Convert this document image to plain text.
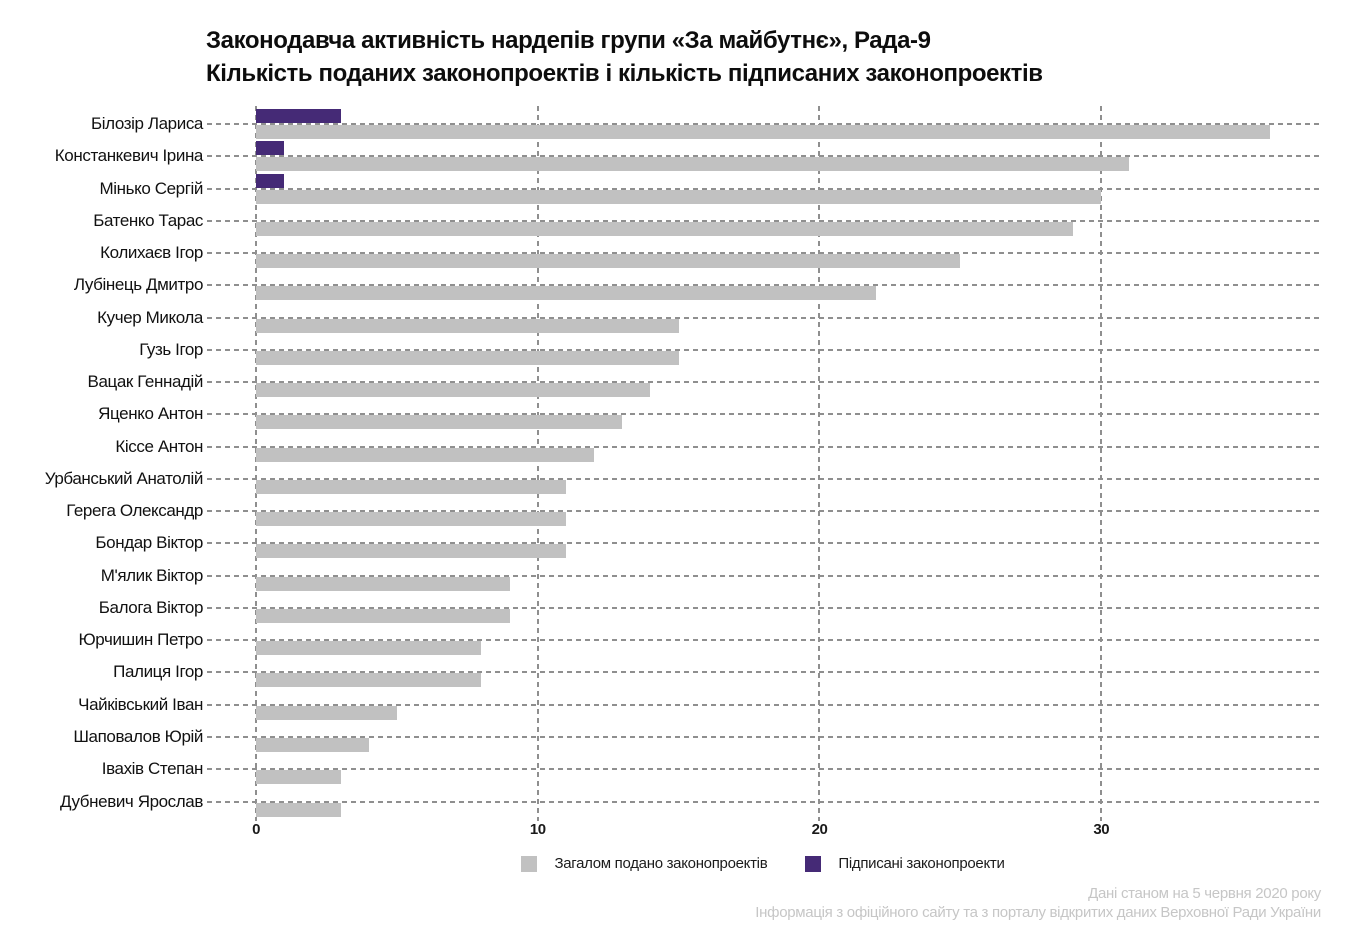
Законодавча активність нардепів групи «За майбутнє», Рада-9
Кількість поданих законопроектів і кількість підписаних законопроектів
0	10	20	30
Білозір Лариса
Констанкевич Ірина
Мінько Сергій
Батенко Тарас
Колихаєв Ігор
Лубінець Дмитро
Кучер Микола
Гузь Ігор
Вацак Геннадій
Яценко Антон
Кіссе Антон
Урбанський Анатолій
Герега Олександр
Бондар Віктор
М'ялик Віктор
Балога Віктор
Юрчишин Петро
Палиця Ігор
Чайківський Іван
Шаповалов Юрій
Івахів Степан
Дубневич Ярослав
Загалом подано законопроектів	Підписані законопроекти
Дані станом на 5 червня 2020 року
Інформація з офіційного сайту та з порталу відкритих даних Верховної Ради України
